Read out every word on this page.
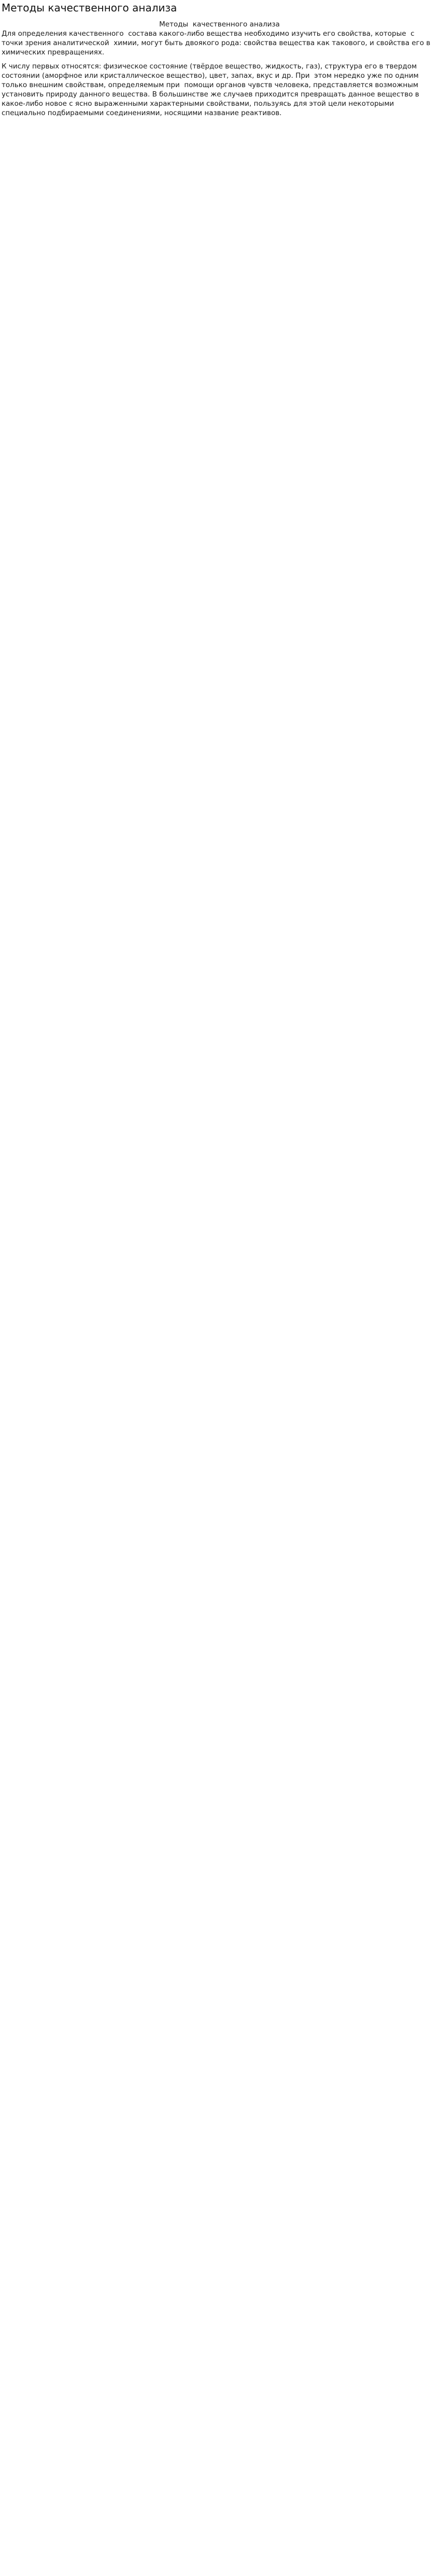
Методы качественного анализа

Методы  качественного анализа

Для определения качественного  состава какого-либо вещества необходимо изучить его свойства, которые  с точки зрения аналитической  химии, могут быть двоякого рода: свойства вещества как такового, и свойства его в химических превращениях.

К числу первых относятся: физическое состояние (твёрдое вещество, жидкость, газ), структура его в твердом  состоянии (аморфное или кристаллическое вещество), цвет, запах, вкус и др. При  этом нередко уже по одним только внешним свойствам, определяемым при  помощи органов чувств человека, представляется возможным установить природу данного вещества. В большинстве же случаев приходится превращать данное вещество в какое-либо новое с ясно выраженными характерными свойствами, пользуясь для этой цели некоторыми специально подбираемыми соединениями, носящими название реактивов.
